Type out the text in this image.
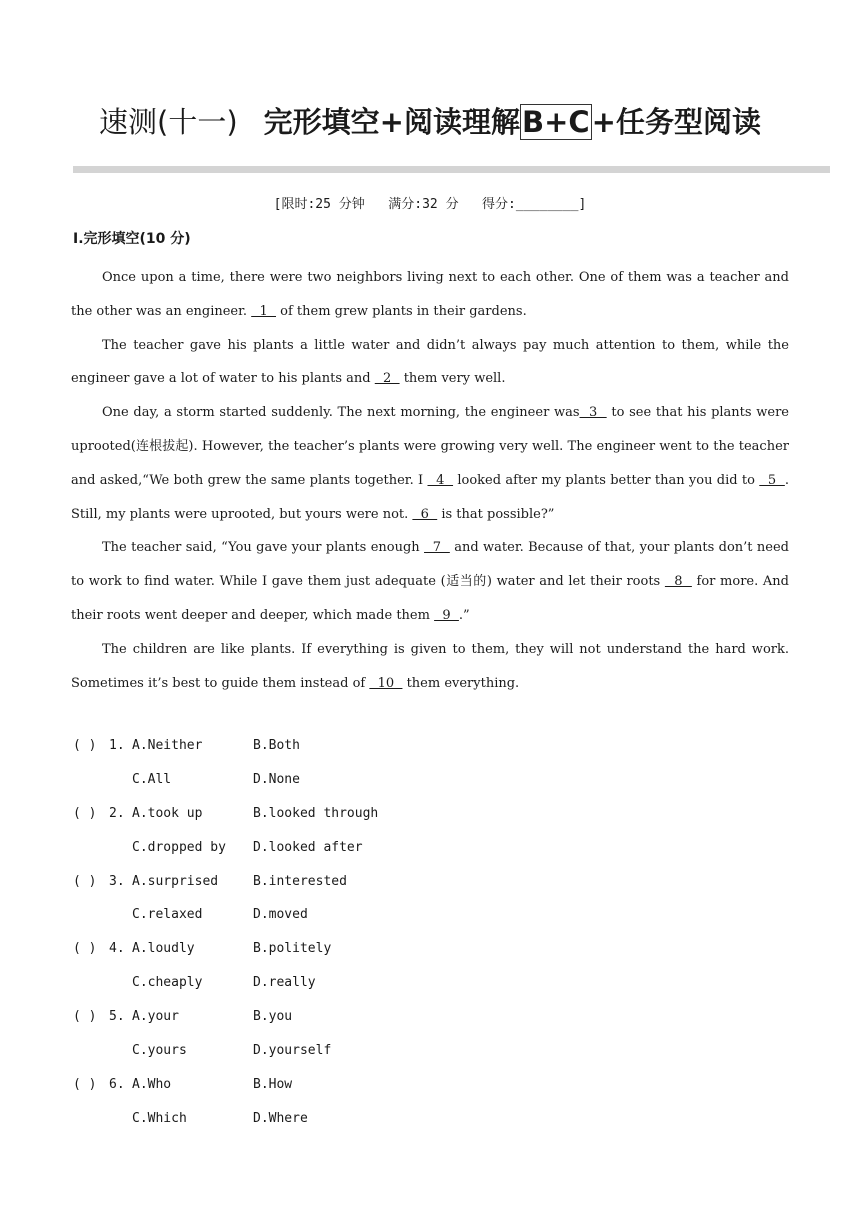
速测(十一) 完形填空+阅读理解B+C+任务型阅读
[限时:25 分钟   满分:32 分   得分:________]
Ⅰ.完形填空(10 分)

Once upon a time, there were two neighbors living next to each other. One of them was a teacher and the other was an engineer.   1   of them grew plants in their gardens.

The teacher gave his plants a little water and didn’t always pay much attention to them, while the engineer gave a lot of water to his plants and   2   them very well.

One day, a storm started suddenly. The next morning, the engineer was  3   to see that his plants were uprooted(连根拔起). However, the teacher’s plants were growing very well. The engineer went to the teacher and asked,“We both grew the same plants together. I   4   looked after my plants better than you did to   5  . Still, my plants were uprooted, but yours were not.   6   is that possible?”

The teacher said, “You gave your plants enough   7   and water. Because of that, your plants don’t need to work to find water. While I gave them just adequate (适当的) water and let their roots   8   for more. And their roots went deeper and deeper, which made them   9  .”

The children are like plants. If everything is given to them, they will not understand the hard work. Sometimes it’s best to guide them instead of   10   them everything.

( ) 1. A.Neither	B.Both
C.All	D.None
( ) 2. A.took up	B.looked through
C.dropped by D.looked after
( ) 3. A.surprised	B.interested
C.relaxed	D.moved
( ) 4. A.loudly	B.politely
C.cheaply	D.really
( ) 5. A.your	B.you
C.yours	D.yourself
( ) 6. A.Who	B.How
C.Which	D.Where
